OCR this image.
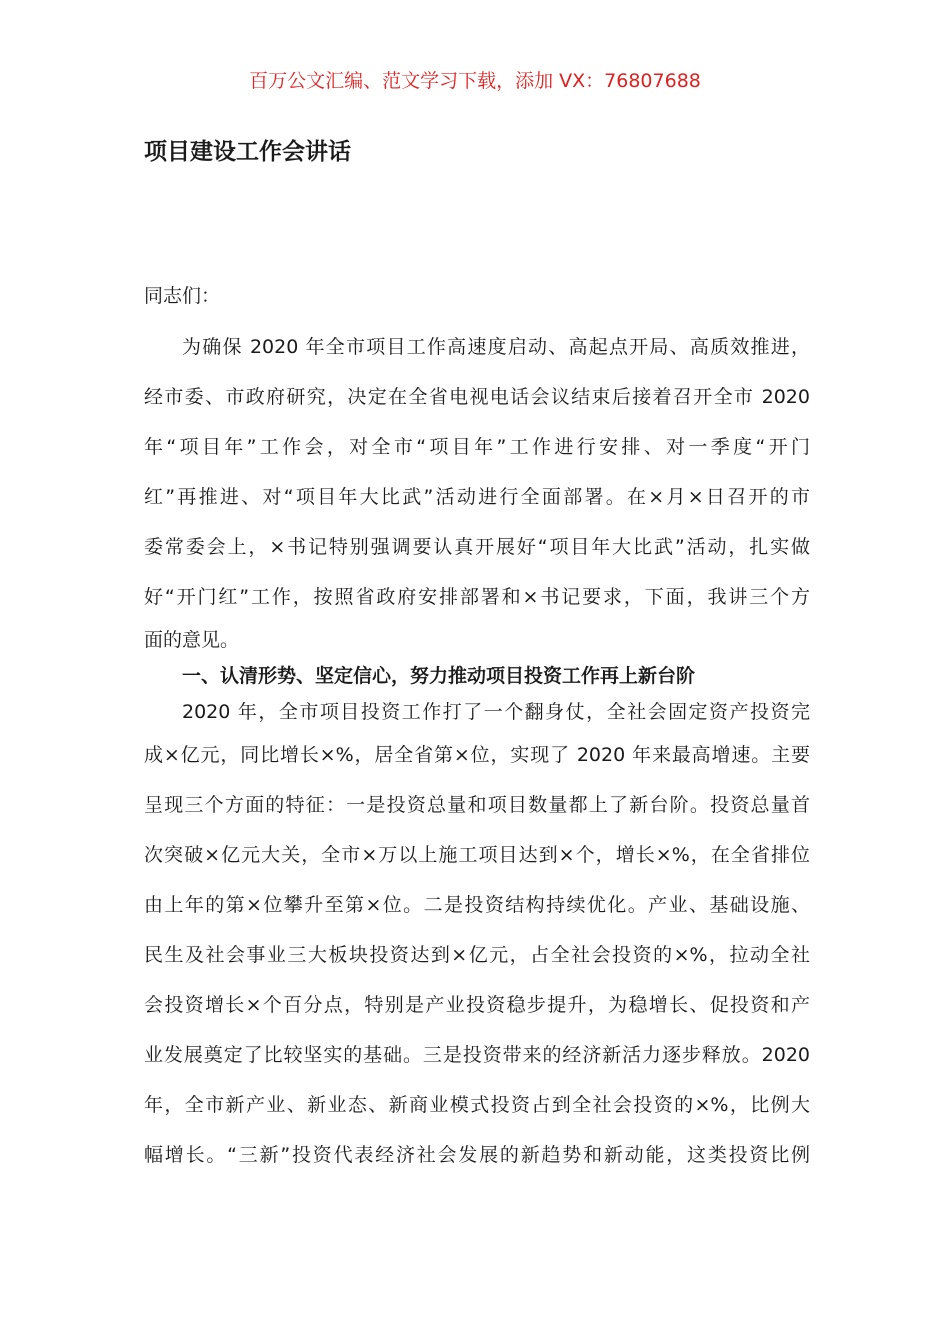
百万公文汇编、范文学习下载，添加 VX：76807688
项目建设工作会讲话
同志们：
为确保 2020 年全市项目工作高速度启动、高起点开局、高质效推进，
经市委、市政府研究，决定在全省电视电话会议结束后接着召开全市 2020
年“项目年”工作会，对全市“项目年”工作进行安排、对一季度“开门
红”再推进、对“项目年大比武”活动进行全面部署。在×月×日召开的市
委常委会上，×书记特别强调要认真开展好“项目年大比武”活动，扎实做
好“开门红”工作，按照省政府安排部署和×书记要求，下面，我讲三个方
面的意见。
一、认清形势、坚定信心，努力推动项目投资工作再上新台阶
2020 年，全市项目投资工作打了一个翻身仗，全社会固定资产投资完
成×亿元，同比增长×%，居全省第×位，实现了 2020 年来最高增速。主要
呈现三个方面的特征：一是投资总量和项目数量都上了新台阶。投资总量首
次突破×亿元大关，全市×万以上施工项目达到×个，增长×%，在全省排位
由上年的第×位攀升至第×位。二是投资结构持续优化。产业、基础设施、
民生及社会事业三大板块投资达到×亿元，占全社会投资的×%，拉动全社
会投资增长×个百分点，特别是产业投资稳步提升，为稳增长、促投资和产
业发展奠定了比较坚实的基础。三是投资带来的经济新活力逐步释放。2020
年，全市新产业、新业态、新商业模式投资占到全社会投资的×%，比例大
幅增长。“三新”投资代表经济社会发展的新趋势和新动能，这类投资比例
